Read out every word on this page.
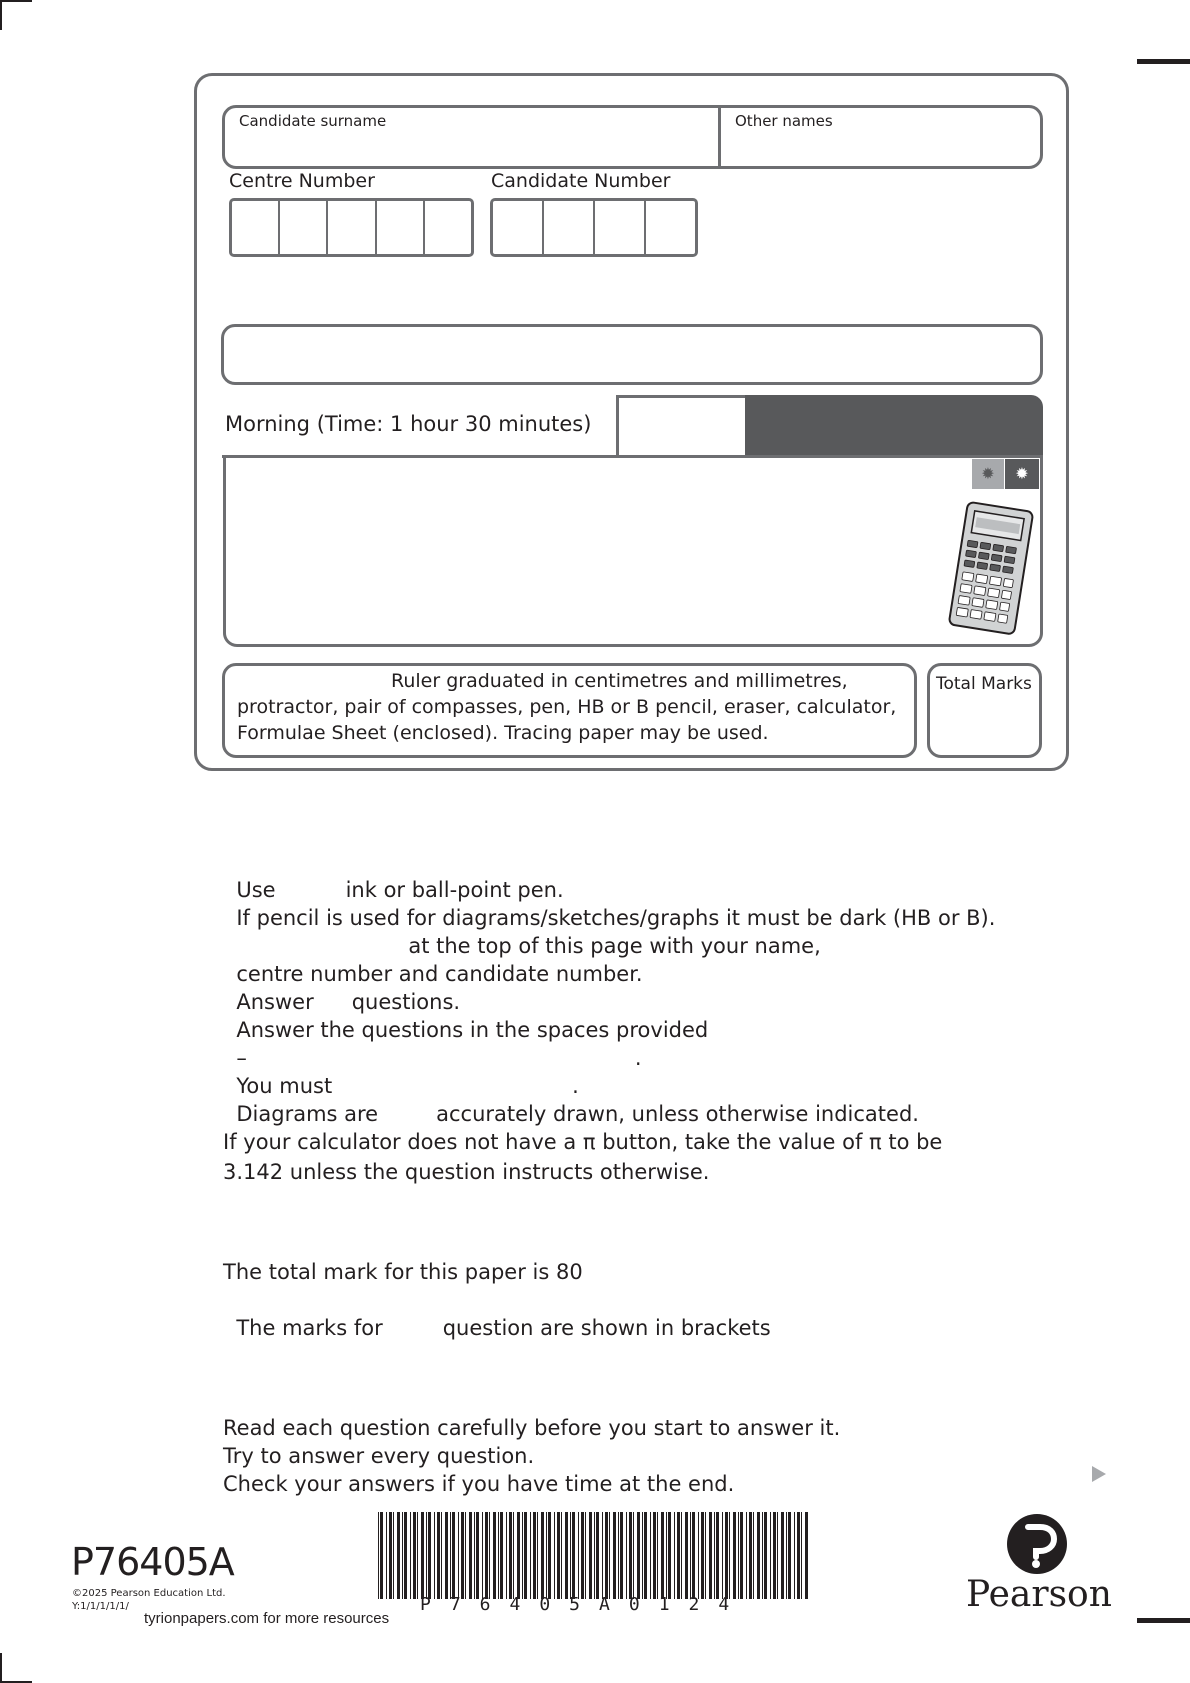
Candidate surname	Other names
Centre Number	Candidate Number
Morning (Time: 1 hour 30 minutes)
✹	✹
Ruler graduated in centimetres and millimetres,
protractor, pair of compasses, pen, HB or B pencil, eraser, calculator,
Formulae Sheet (enclosed). Tracing paper may be used.
Total Marks

Use	ink or ball-point pen.

If pencil is used for diagrams/sketches/graphs it must be dark (HB or B).

at the top of this page with your name,

centre number and candidate number.

Answer questions.

Answer the questions in the spaces provided

–	.

You must	.

Diagrams are	accurately drawn, unless otherwise indicated.

If your calculator does not have a π button, take the value of π to be
3.142 unless the question instructs otherwise.
The total mark for this paper is 80

The marks for	question are shown in brackets

Read each question carefully before you start to answer it.
Try to answer every question.
Check your answers if you have time at the end.
P76405A
©2025 Pearson Education Ltd.
Y:1/1/1/1/1/
tyrionpapers.com for more resources
P76405A0124	Pearson
